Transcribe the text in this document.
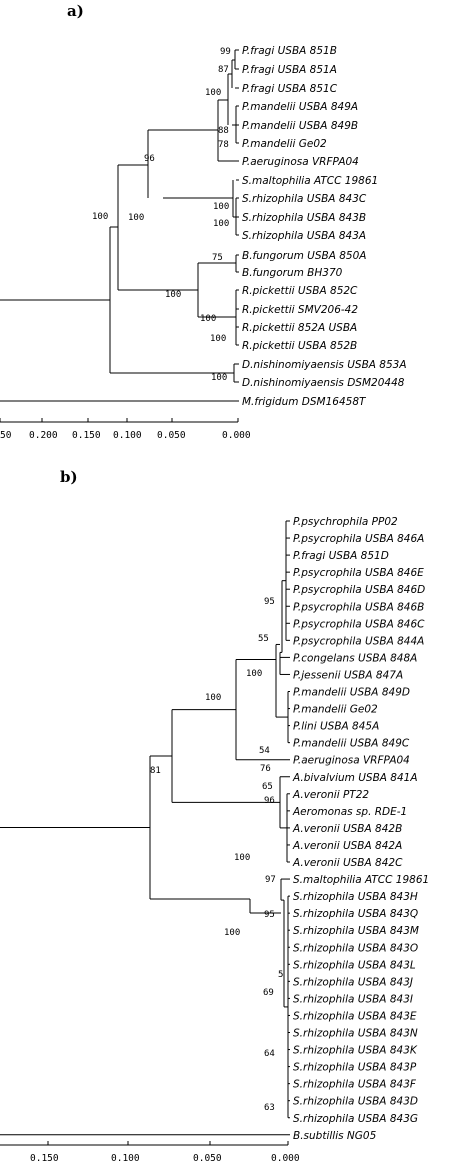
a)
P.fragi USBA 851B
P.fragi USBA 851A
P.fragi USBA 851C
P.mandelii USBA 849A
P.mandelii USBA 849B
P.mandelii Ge02
P.aeruginosa VRFPA04
S.maltophilia ATCC 19861
S.rhizophila USBA 843C
S.rhizophila USBA 843B
S.rhizophila USBA 843A
B.fungorum USBA 850A
B.fungorum BH370
R.pickettii USBA 852C
R.pickettii SMV206-42
R.pickettii 852A USBA
R.pickettii USBA 852B
D.nishinomiyaensis USBA 853A
D.nishinomiyaensis DSM20448
M.frigidum DSM16458T
99
87
100
88
78
96
100
100
100
75
100
100
100
100
100
50 0.200 0.150 0.100 0.050	0.000
b)
P.psychrophila PP02
P.psycrophila USBA 846A
P.fragi USBA 851D
P.psycrophila USBA 846E
P.psycrophila USBA 846D
P.psycrophila USBA 846B
P.psycrophila USBA 846C
P.psycrophila USBA 844A
P.congelans USBA 848A
P.jessenii USBA 847A
P.mandelii USBA 849D
P.mandelii Ge02
P.lini USBA 845A
P.mandelii USBA 849C
P.aeruginosa VRFPA04
A.bivalvium USBA 841A
A.veronii PT22
Aeromonas sp. RDE-1
A.veronii USBA 842B
A.veronii USBA 842A
A.veronii USBA 842C
S.maltophilia ATCC 19861
S.rhizophila USBA 843H
S.rhizophila USBA 843Q
S.rhizophila USBA 843M
S.rhizophila USBA 843O
S.rhizophila USBA 843L
S.rhizophila USBA 843J
S.rhizophila USBA 843I
S.rhizophila USBA 843E
S.rhizophila USBA 843N
S.rhizophila USBA 843K
S.rhizophila USBA 843P
S.rhizophila USBA 843F
S.rhizophila USBA 843D
S.rhizophila USBA 843G
B.subtillis NG05
95
55
100
100
54
76
65
81
96
100
97
95
100
5
69
64
63
0.150	0.100	0.050	0.000
